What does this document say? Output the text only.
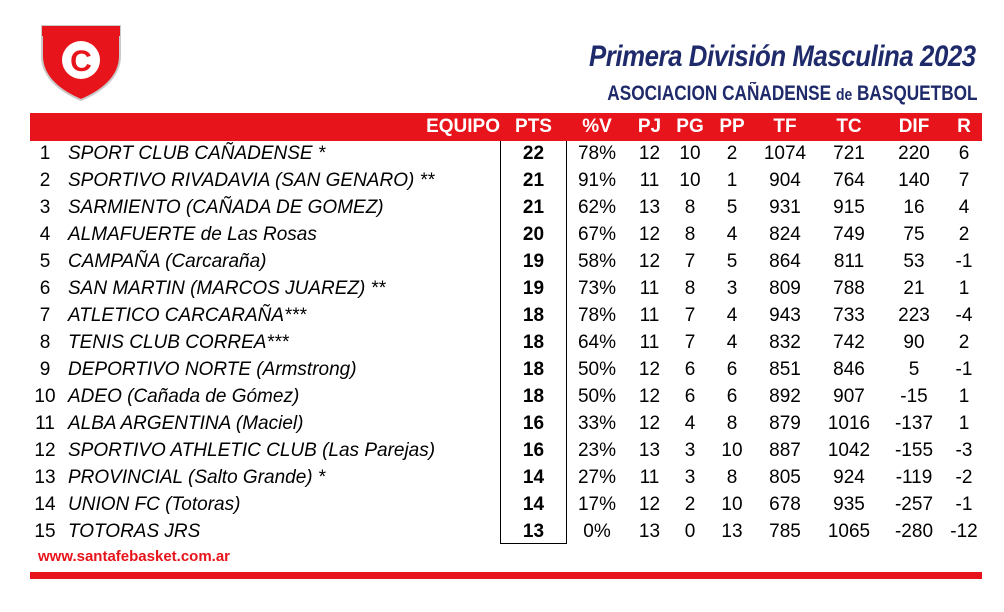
C	Primera División Masculina 2023
ASOCIACION CAÑADENSE de BASQUETBOL
EQUIPO PTS	%V	PJ PG PP	TF	TC	DIF	R
1 SPORT CLUB CAÑADENSE *	22	78%	12	10	2	1074	721	220	6
2 SPORTIVO RIVADAVIA (SAN GENARO) **	21	91%	11	10	1	904	764	140	7
3 SARMIENTO (CAÑADA DE GOMEZ)	21	62%	13	8	5	931	915	16	4
4 ALMAFUERTE de Las Rosas	20	67%	12	8	4	824	749	75	2
5 CAMPAÑA (Carcaraña)	19	58%	12	7	5	864	811	53	-1
6 SAN MARTIN (MARCOS JUAREZ) **	19	73%	11	8	3	809	788	21	1
7 ATLETICO CARCARAÑA***	18	78%	11	7	4	943	733	223	-4
8 TENIS CLUB CORREA***	18	64%	11	7	4	832	742	90	2
9 DEPORTIVO NORTE (Armstrong)	18	50%	12	6	6	851	846	5	-1
10 ADEO (Cañada de Gómez)	18	50%	12	6	6	892	907	-15	1
11 ALBA ARGENTINA (Maciel)	16	33%	12	4	8	879	1016	-137	1
12 SPORTIVO ATHLETIC CLUB (Las Parejas)	16	23%	13	3	10	887	1042	-155	-3
13 PROVINCIAL (Salto Grande) *	14	27%	11	3	8	805	924	-119	-2
14 UNION FC (Totoras)	14	17%	12	2	10	678	935	-257	-1
15 TOTORAS JRS	13	0%	13	0	13	785	1065	-280 -12
www.santafebasket.com.ar
